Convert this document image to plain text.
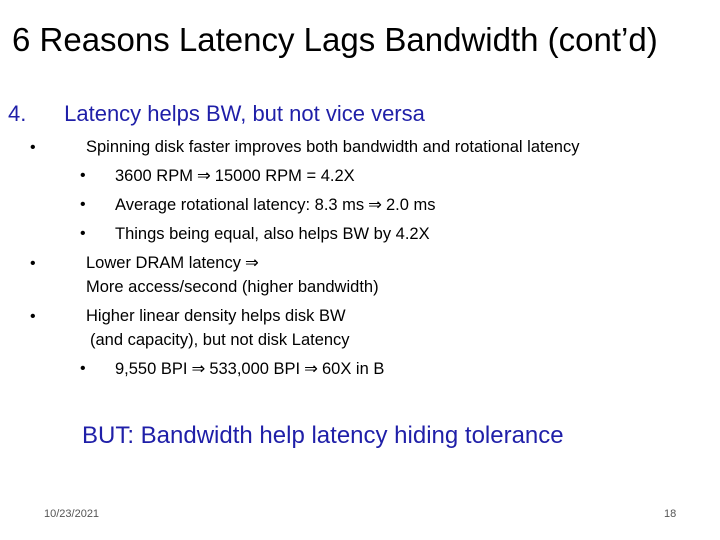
6 Reasons Latency Lags Bandwidth (cont’d)
4. Latency helps BW, but not vice versa
•	Spinning disk faster improves both bandwidth and rotational latency
• 3600 RPM ⇒ 15000 RPM = 4.2X
• Average rotational latency: 8.3 ms ⇒ 2.0 ms
• Things being equal, also helps BW by 4.2X
•	Lower DRAM latency ⇒
More access/second (higher bandwidth)
•	Higher linear density helps disk BW
(and capacity), but not disk Latency
• 9,550 BPI ⇒ 533,000 BPI ⇒ 60X in B
BUT: Bandwidth help latency hiding tolerance
10/23/2021	18
